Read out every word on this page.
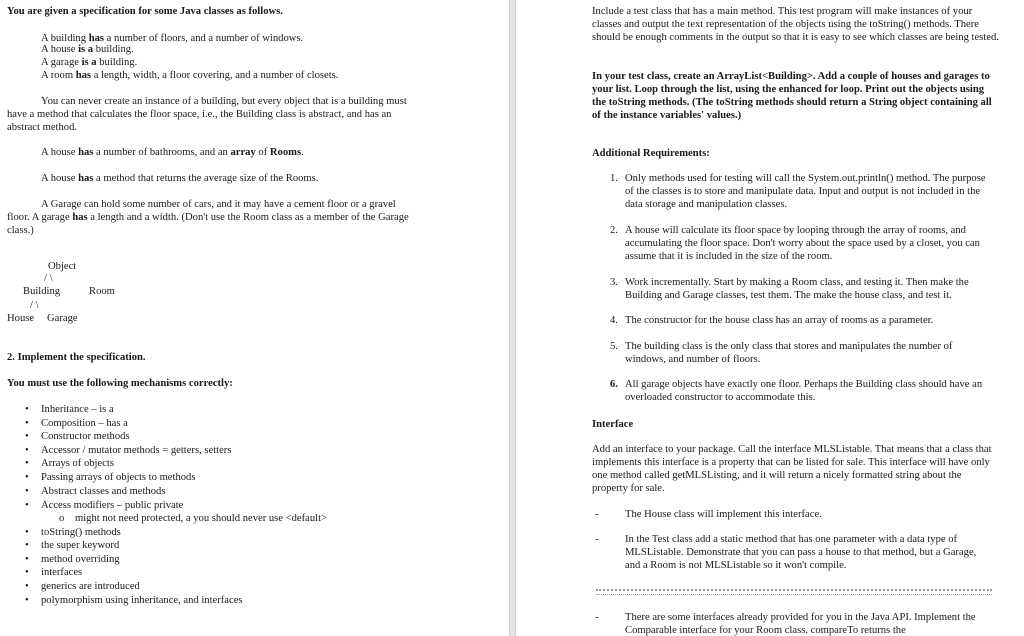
You are given a specification for some Java classes as follows.
A building has a number of floors, and a number of windows.
A house is a building.
A garage is a building.
A room has a length, width, a floor covering, and a number of closets.
You can never create an instance of a building, but every object that is a building must have a method that calculates the floor space, i.e., the Building class is abstract, and has an abstract method.
A house has a number of bathrooms, and an array of Rooms.
A house has a method that returns the average size of the Rooms.
A Garage can hold some number of cars, and it may have a cement floor or a gravel floor. A garage has a length and a width. (Don't use the Room class as a member of the Garage class.)
Object
/ \
Building	Room
/ \
House Garage
2. Implement the specification.
You must use the following mechanisms correctly:
• Inheritance – is a
• Composition – has a
• Constructor methods
• Accessor / mutator methods = getters, setters
• Arrays of objects
• Passing arrays of objects to methods
• Abstract classes and methods
• Access modifiers – public private
o might not need protected, a you should never use <default>
• toString() methods
• the super keyword
• method overriding
• interfaces
• generics are introduced
• polymorphism using inheritance, and interfaces
Include a test class that has a main method. This test program will make instances of your classes and output the text representation of the objects using the toString() methods. There should be enough comments in the output so that it is easy to see which classes are being tested.
In your test class, create an ArrayList<Building>. Add a couple of houses and garages to your list. Loop through the list, using the enhanced for loop. Print out the objects using the toString methods. (The toString methods should return a String object containing all of the instance variables' values.)
Additional Requirements:
1. Only methods used for testing will call the System.out.println() method. The purpose of the classes is to store and manipulate data. Input and output is not included in the data storage and manipulation classes.
2. A house will calculate its floor space by looping through the array of rooms, and accumulating the floor space. Don't worry about the space used by a closet, you can assume that it is included in the size of the room.
3. Work incrementally. Start by making a Room class, and testing it. Then make the Building and Garage classes, test them. The make the house class, and test it.
4. The constructor for the house class has an array of rooms as a parameter.
5. The building class is the only class that stores and manipulates the number of windows, and number of floors.
6. All garage objects have exactly one floor. Perhaps the Building class should have an overloaded constructor to accommodate this.
Interface
Add an interface to your package. Call the interface MLSListable. That means that a class that implements this interface is a property that can be listed for sale. This interface will have only one method called getMLSListing, and it will return a nicely formatted string about the property for sale.
- The House class will implement this interface.
- In the Test class add a static method that has one parameter with a data type of MLSListable. Demonstrate that you can pass a house to that method, but a Garage, and a Room is not MLSListable so it won't compile.
- There are some interfaces already provided for you in the Java API. Implement the Comparable interface for your Room class. compareTo returns the
